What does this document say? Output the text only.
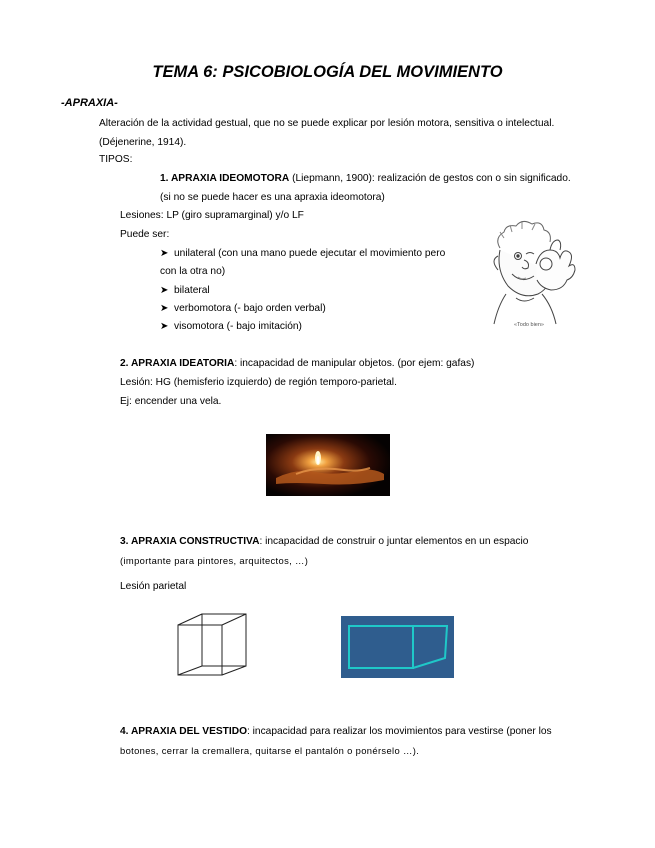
TEMA 6: PSICOBIOLOGÍA DEL MOVIMIENTO
-APRAXIA-
Alteración de la actividad gestual, que no se puede explicar por lesión motora, sensitiva o intelectual.
(Déjenerine, 1914).
TIPOS:
1. APRAXIA IDEOMOTORA (Liepmann, 1900): realización de gestos con o sin significado.
(si no se puede hacer es una apraxia ideomotora)
Lesiones: LP (giro supramarginal) y/o LF
Puede ser:
➤ unilateral (con una mano puede ejecutar el movimiento pero
con la otra no)
➤ bilateral
➤ verbomotora (- bajo orden verbal)
➤ visomotora (- bajo imitación)	«Todo bien»
2. APRAXIA IDEATORIA: incapacidad de manipular objetos. (por ejem: gafas)
Lesión: HG (hemisferio izquierdo) de región temporo-parietal.
Ej: encender una vela.
3. APRAXIA CONSTRUCTIVA: incapacidad de construir o juntar elementos en un espacio
(importante para pintores, arquitectos, …)
Lesión parietal
4. APRAXIA DEL VESTIDO: incapacidad para realizar los movimientos para vestirse (poner los
botones, cerrar la cremallera, quitarse el pantalón o ponérselo …).
